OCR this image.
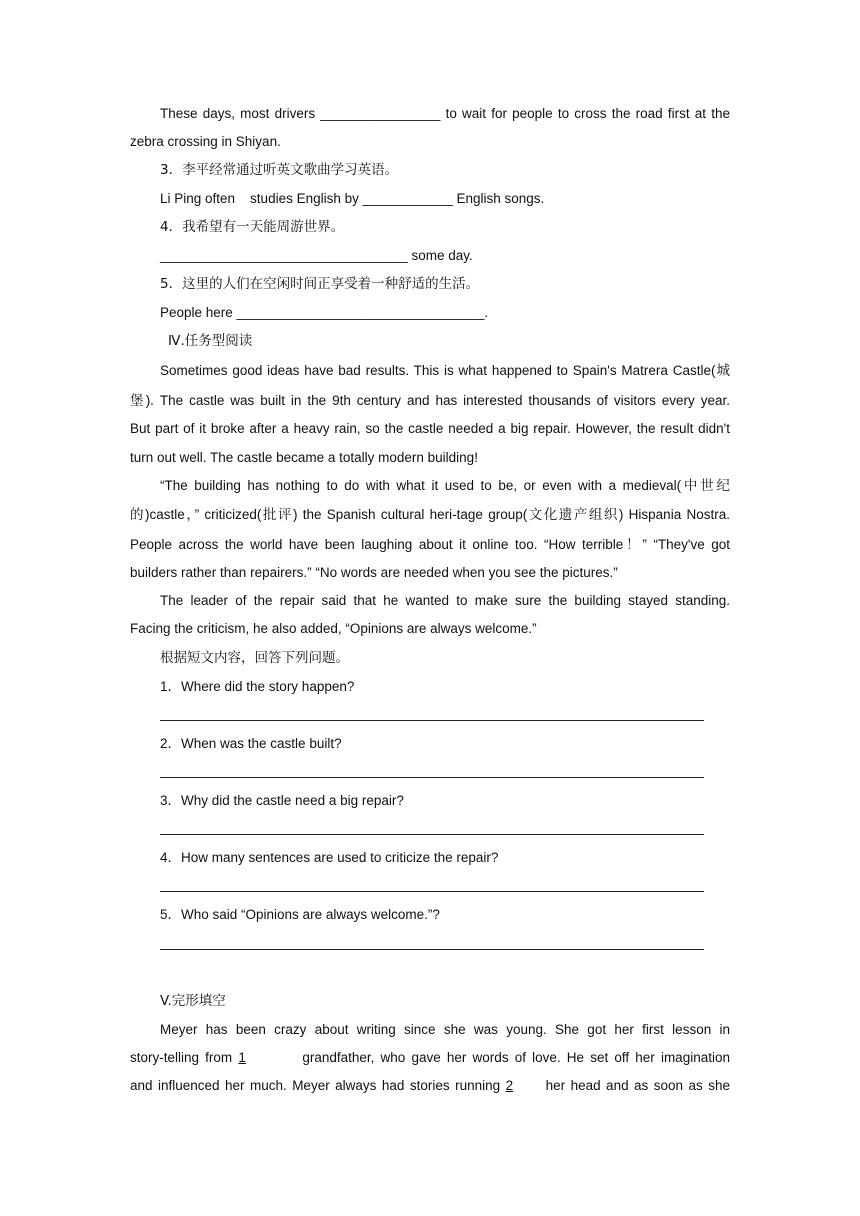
These days, most drivers ________________ to wait for people to cross the road first at the
zebra crossing in Shiyan.
3．李平经常通过听英文歌曲学习英语。
Li Ping often    studies English by ____________ English songs.
4．我希望有一天能周游世界。
_________________________________ some day.
5．这里的人们在空闲时间正享受着一种舒适的生活。
People here _________________________________.
Ⅳ.任务型阅读
Sometimes good ideas have bad results. This is what happened to Spain's Matrera Castle(城
堡). The castle was built in the 9th century and has interested thousands of visitors every year.
But part of it broke after a heavy rain, so the castle needed a big repair. However, the result didn't
turn out well. The castle became a totally modern building!
“The building has nothing to do with what it used to be, or even with a medieval(中世纪
的)castle，” criticized(批评) the Spanish cultural heri-tage group(文化遗产组织) Hispania Nostra.
People across the world have been laughing about it online too. “How terrible！” “They've got
builders rather than repairers.” “No words are needed when you see the pictures.”
The leader of the repair said that he wanted to make sure the building stayed standing.
Facing the criticism, he also added, “Opinions are always welcome.”
根据短文内容，回答下列问题。
1．Where did the story happen?
2．When was the castle built?
3．Why did the castle need a big repair?
4．How many sentences are used to criticize the repair?
5．Who said “Opinions are always welcome.”?
V.完形填空
Meyer has been crazy about writing since she was young. She got her first lesson in
story-telling from 1	grandfather, who gave her words of love. He set off her imagination
and influenced her much. Meyer always had stories running 2 her head and as soon as she
